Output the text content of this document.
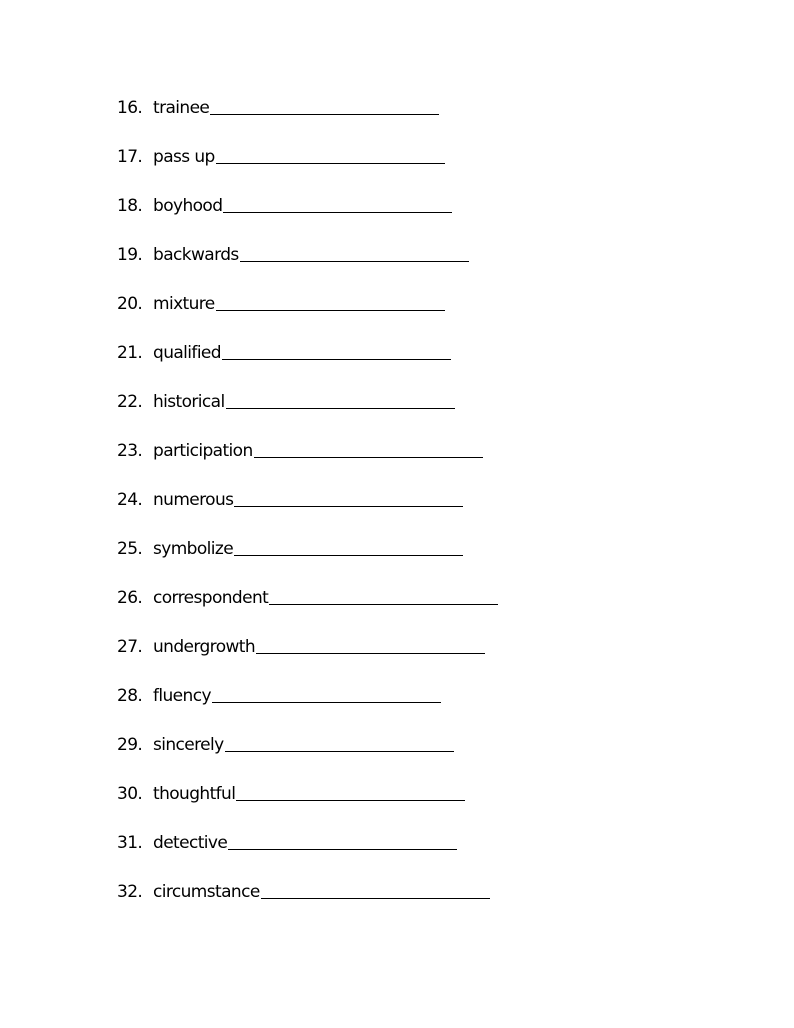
16. trainee
17. pass up
18. boyhood
19. backwards
20. mixture
21. qualified
22. historical
23. participation
24. numerous
25. symbolize
26. correspondent
27. undergrowth
28. fluency
29. sincerely
30. thoughtful
31. detective
32. circumstance
